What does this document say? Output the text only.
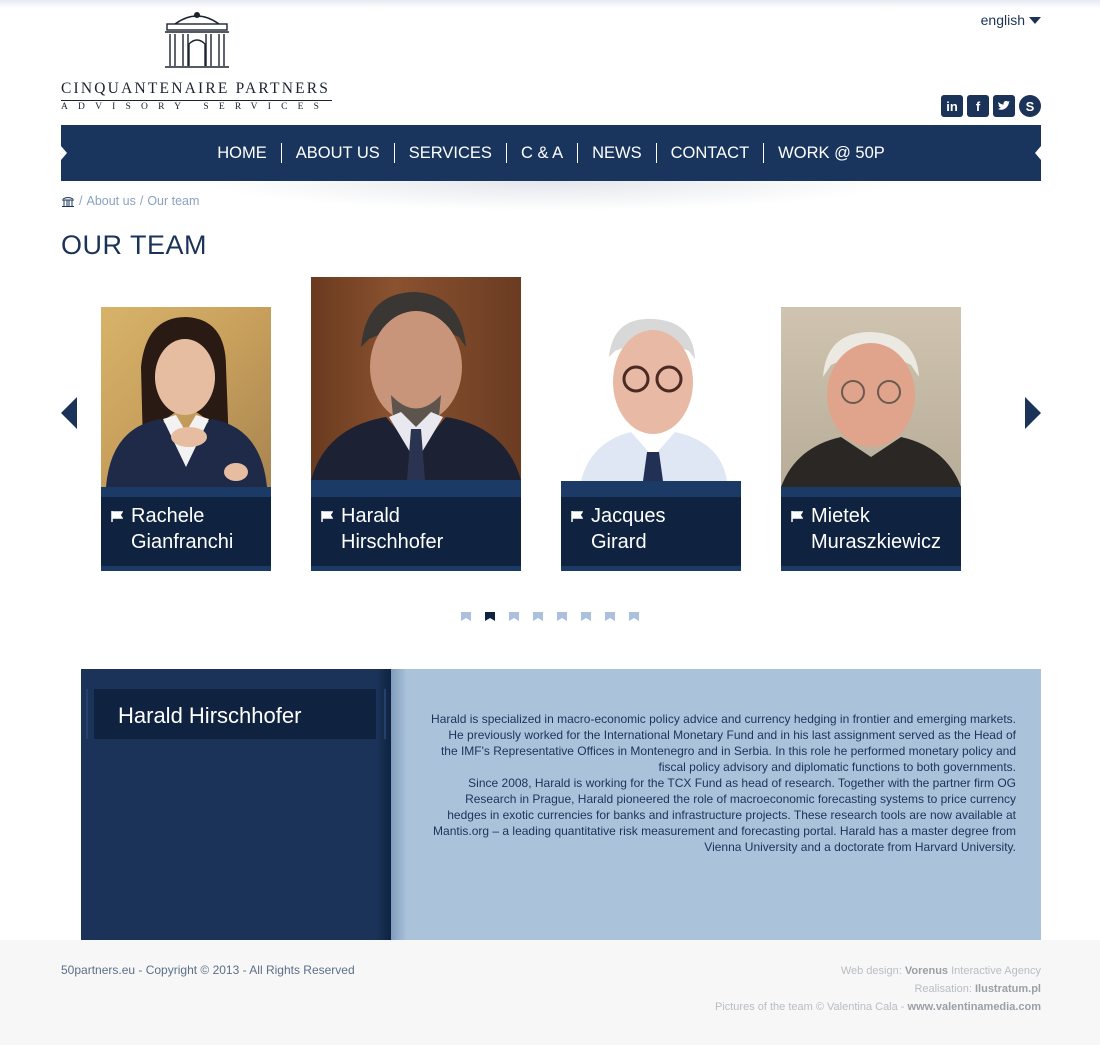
CINQUANTENAIRE PARTNERS
ADVISORY SERVICES
english
in	f	S
HOME	ABOUT US	SERVICES	C & A	NEWS	CONTACT	WORK @ 50P
/ About us / Our team
OUR TEAM
Rachele
Gianfranchi
Harald
Hirschhofer
Jacques
Girard
Mietek
Muraszkiewicz
Harald Hirschhofer	Harald is specialized in macro-economic policy advice and currency hedging in frontier and emerging markets. He previously worked for the International Monetary Fund and in his last assignment served as the Head of the IMF's Representative Offices in Montenegro and in Serbia. In this role he performed monetary policy and fiscal policy advisory and diplomatic functions to both governments.
Since 2008, Harald is working for the TCX Fund as head of research. Together with the partner firm OG Research in Prague, Harald pioneered the role of macroeconomic forecasting systems to price currency hedges in exotic currencies for banks and infrastructure projects. These research tools are now available at Mantis.org – a leading quantitative risk measurement and forecasting portal. Harald has a master degree from Vienna University and a doctorate from Harvard University.
50partners.eu - Copyright © 2013 - All Rights Reserved	Web design: Vorenus Interactive Agency
Realisation: Ilustratum.pl
Pictures of the team © Valentina Cala - www.valentinamedia.com
